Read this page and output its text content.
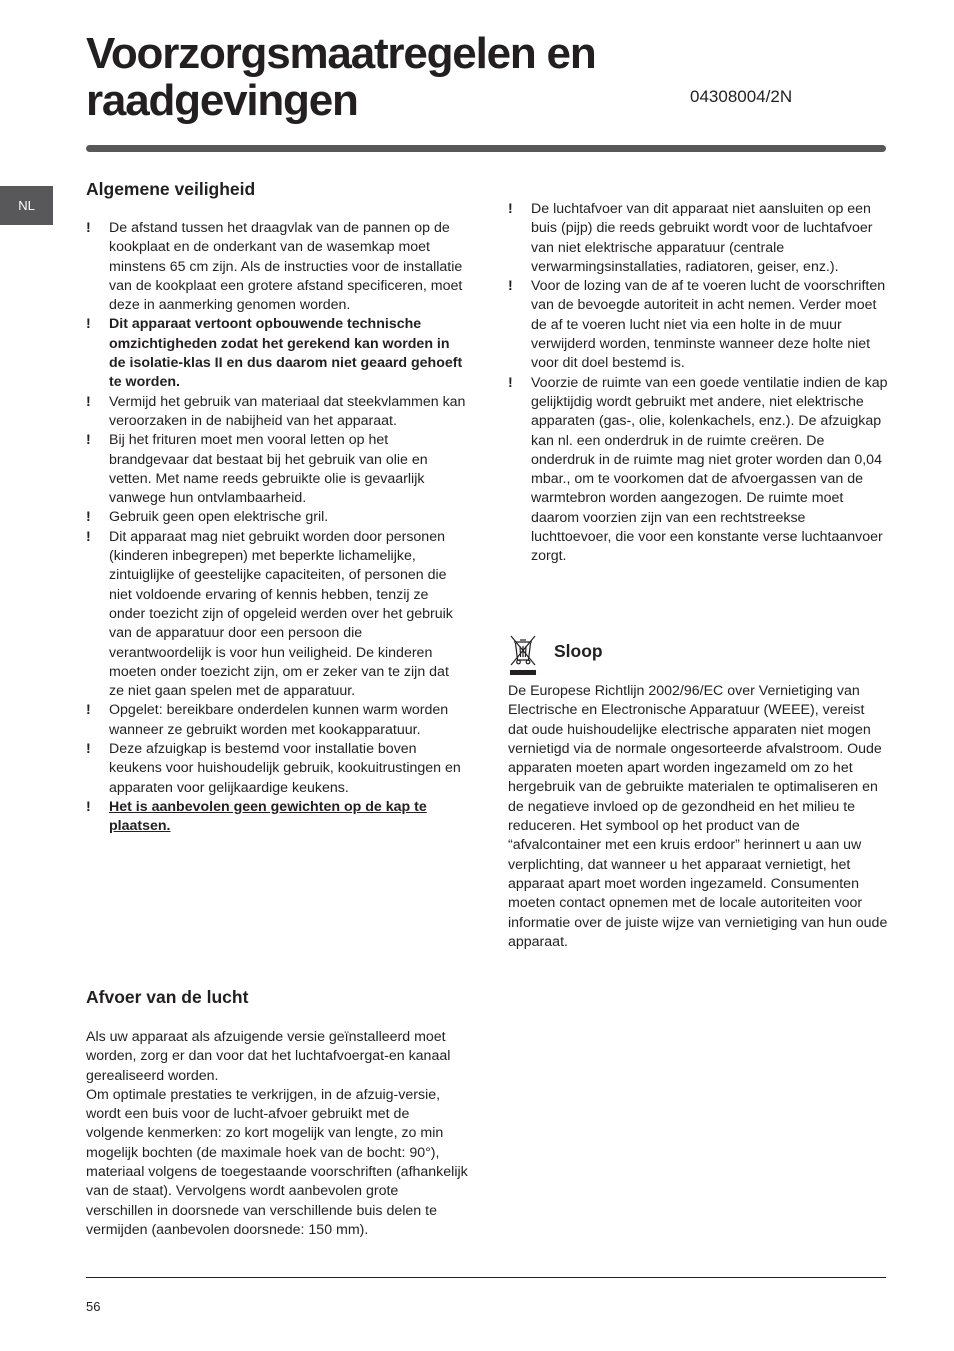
Voorzorgsmaatregelen en raadgevingen	04308004/2N
NL
Algemene veiligheid
! De afstand tussen het draagvlak van de pannen op de kookplaat en de onderkant van de wasemkap moet minstens 65 cm zijn. Als de instructies voor de installatie van de kookplaat een grotere afstand specificeren, moet deze in aanmerking genomen worden.
! Dit apparaat vertoont opbouwende technische omzichtigheden zodat het gerekend kan worden in de isolatie-klas II en dus daarom niet geaard gehoeft te worden.
! Vermijd het gebruik van materiaal dat steekvlammen kan veroorzaken in de nabijheid van het apparaat.
! Bij het frituren moet men vooral letten op het brandgevaar dat bestaat bij het gebruik van olie en vetten. Met name reeds gebruikte olie is gevaarlijk vanwege hun ontvlambaarheid.
! Gebruik geen open elektrische gril.
! Dit apparaat mag niet gebruikt worden door personen (kinderen inbegrepen) met beperkte lichamelijke, zintuiglijke of geestelijke capaciteiten, of personen die niet voldoende ervaring of kennis hebben, tenzij ze onder toezicht zijn of opgeleid werden over het gebruik van de apparatuur door een persoon die verantwoordelijk is voor hun veiligheid. De kinderen moeten onder toezicht zijn, om er zeker van te zijn dat ze niet gaan spelen met de apparatuur.
! Opgelet: bereikbare onderdelen kunnen warm worden wanneer ze gebruikt worden met kookapparatuur.
! Deze afzuigkap is bestemd voor installatie boven keukens voor huishoudelijk gebruik, kookuitrustingen en apparaten voor gelijkaardige keukens.
! Het is aanbevolen geen gewichten op de kap te plaatsen.
Afvoer van de lucht

Als uw apparaat als afzuigende versie geïnstalleerd moet worden, zorg er dan voor dat het luchtafvoergat-en kanaal gerealiseerd worden.

Om optimale prestaties te verkrijgen, in de afzuig-versie, wordt een buis voor de lucht-afvoer gebruikt met de volgende kenmerken: zo kort mogelijk van lengte, zo min mogelijk bochten (de maximale hoek van de bocht: 90°), materiaal volgens de toegestaande voorschriften (afhankelijk van de staat). Vervolgens wordt aanbevolen grote verschillen in doorsnede van verschillende buis delen te vermijden (aanbevolen doorsnede: 150 mm).

! De luchtafvoer van dit apparaat niet aansluiten op een buis (pijp) die reeds gebruikt wordt voor de luchtafvoer van niet elektrische apparatuur (centrale verwarmingsinstallaties, radiatoren, geiser, enz.).
! Voor de lozing van de af te voeren lucht de voorschriften van de bevoegde autoriteit in acht nemen. Verder moet de af te voeren lucht niet via een holte in de muur verwijderd worden, tenminste wanneer deze holte niet voor dit doel bestemd is.
! Voorzie de ruimte van een goede ventilatie indien de kap gelijktijdig wordt gebruikt met andere, niet elektrische apparaten (gas-, olie, kolenkachels, enz.). De afzuigkap kan nl. een onderdruk in de ruimte creëren. De onderdruk in de ruimte mag niet groter worden dan 0,04 mbar., om te voorkomen dat de afvoergassen van de warmtebron worden aangezogen. De ruimte moet daarom voorzien zijn van een rechtstreekse luchttoevoer, die voor een konstante verse luchtaanvoer zorgt.
Sloop

De Europese Richtlijn 2002/96/EC over Vernietiging van Electrische en Electronische Apparatuur (WEEE), vereist dat oude huishoudelijke electrische apparaten niet mogen vernietigd via de normale ongesorteerde afvalstroom. Oude apparaten moeten apart worden ingezameld om zo het hergebruik van de gebruikte materialen te optimaliseren en de negatieve invloed op de gezondheid en het milieu te reduceren. Het symbool op het product van de “afvalcontainer met een kruis erdoor” herinnert u aan uw verplichting, dat wanneer u het apparaat vernietigt, het apparaat apart moet worden ingezameld. Consumenten moeten contact opnemen met de locale autoriteiten voor informatie over de juiste wijze van vernietiging van hun oude apparaat.

56
